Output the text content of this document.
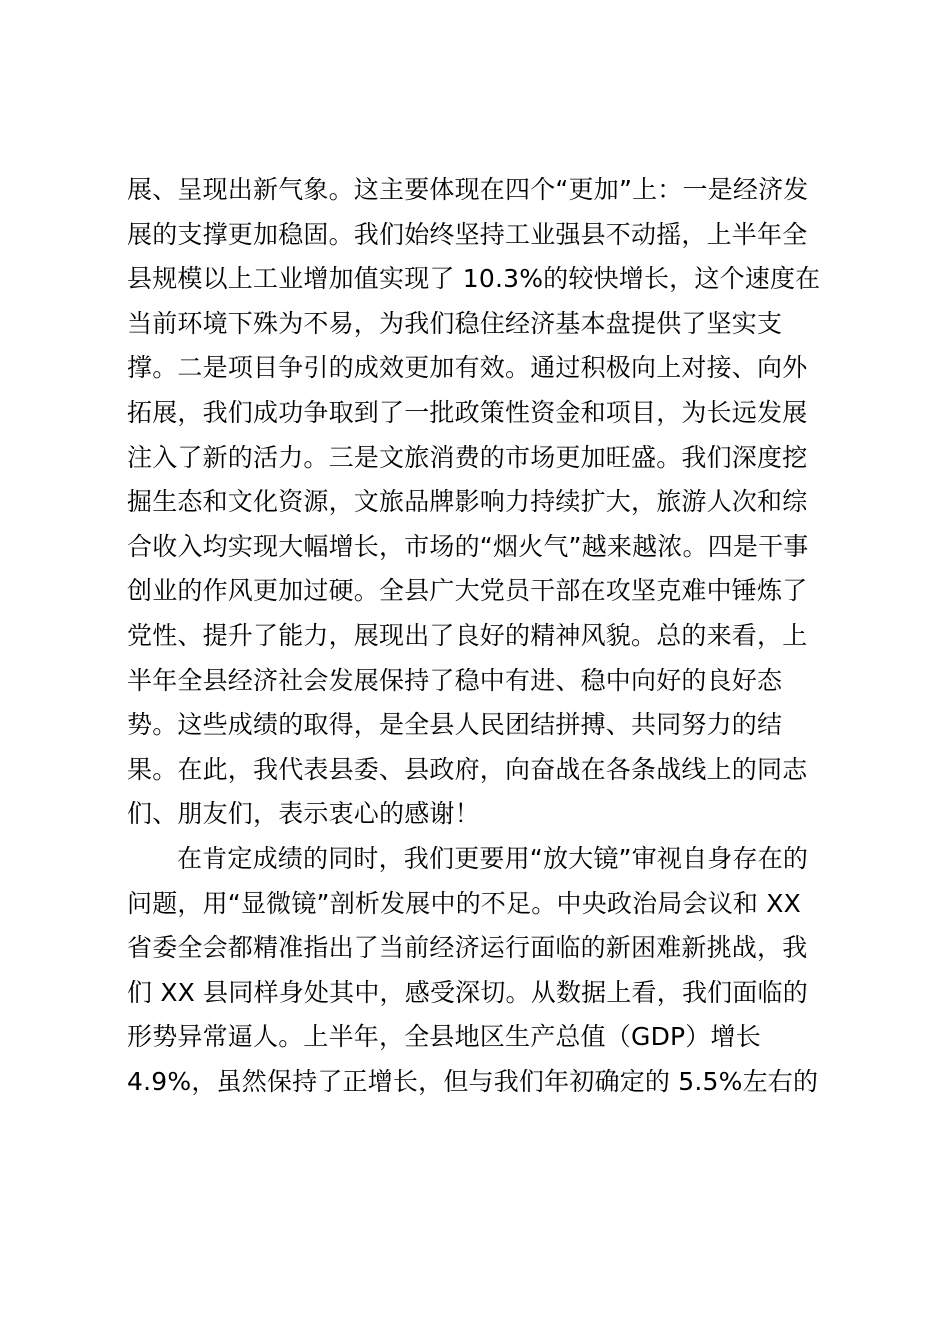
展、呈现出新气象。这主要体现在四个“更加”上：一是经济发
展的支撑更加稳固。我们始终坚持工业强县不动摇，上半年全
县规模以上工业增加值实现了 10.3%的较快增长，这个速度在
当前环境下殊为不易，为我们稳住经济基本盘提供了坚实支
撑。二是项目争引的成效更加有效。通过积极向上对接、向外
拓展，我们成功争取到了一批政策性资金和项目，为长远发展
注入了新的活力。三是文旅消费的市场更加旺盛。我们深度挖
掘生态和文化资源，文旅品牌影响力持续扩大，旅游人次和综
合收入均实现大幅增长，市场的“烟火气”越来越浓。四是干事
创业的作风更加过硬。全县广大党员干部在攻坚克难中锤炼了
党性、提升了能力，展现出了良好的精神风貌。总的来看，上
半年全县经济社会发展保持了稳中有进、稳中向好的良好态
势。这些成绩的取得，是全县人民团结拼搏、共同努力的结
果。在此，我代表县委、县政府，向奋战在各条战线上的同志
们、朋友们，表示衷心的感谢！
在肯定成绩的同时，我们更要用“放大镜”审视自身存在的
问题，用“显微镜”剖析发展中的不足。中央政治局会议和 XX
省委全会都精准指出了当前经济运行面临的新困难新挑战，我
们 XX 县同样身处其中，感受深切。从数据上看，我们面临的
形势异常逼人。上半年，全县地区生产总值（GDP）增长
4.9%，虽然保持了正增长，但与我们年初确定的 5.5%左右的
